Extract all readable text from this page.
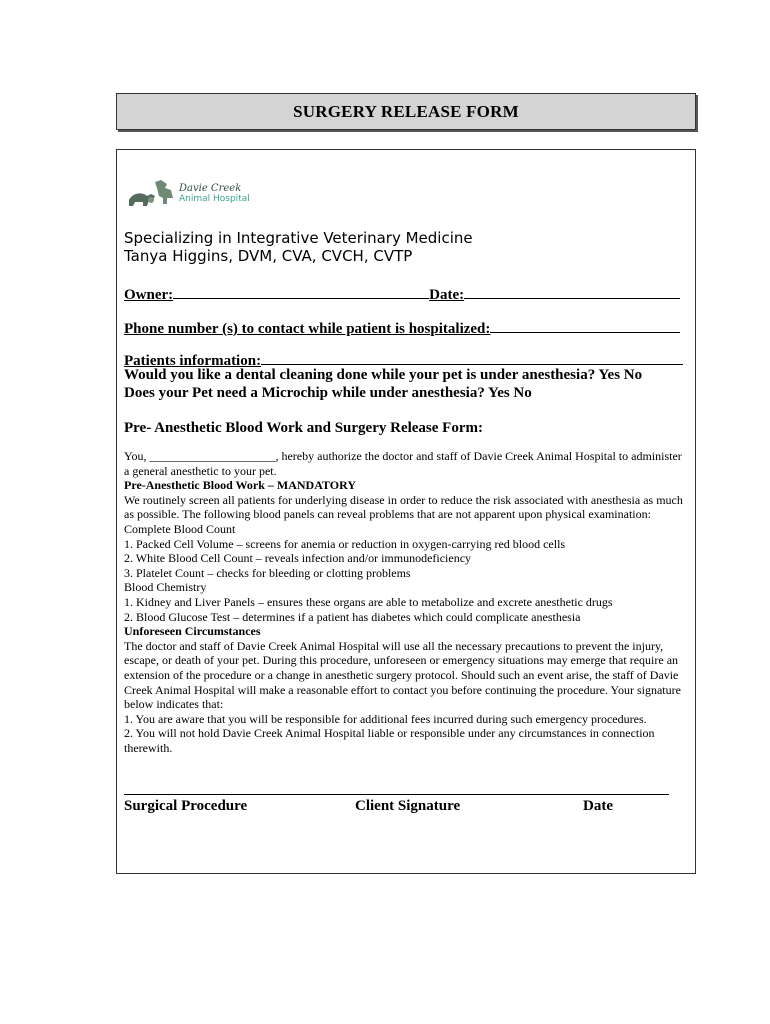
SURGERY RELEASE FORM
Davie Creek
Animal Hospital
Specializing in Integrative Veterinary Medicine
Tanya Higgins, DVM, CVA, CVCH, CVTP
Owner:	Date:
Phone number (s) to contact while patient is hospitalized:
Patients information:
Would you like a dental cleaning done while your pet is under anesthesia? Yes No
Does your Pet need a Microchip while under anesthesia? Yes No
Pre- Anesthetic Blood Work and Surgery Release Form:

You, _____________________, hereby authorize the doctor and staff of Davie Creek Animal Hospital to administer a general anesthetic to your pet.

Pre-Anesthetic Blood Work – MANDATORY

We routinely screen all patients for underlying disease in order to reduce the risk associated with anesthesia as much as possible. The following blood panels can reveal problems that are not apparent upon physical examination:

Complete Blood Count

1. Packed Cell Volume – screens for anemia or reduction in oxygen-carrying red blood cells

2. White Blood Cell Count – reveals infection and/or immunodeficiency

3. Platelet Count – checks for bleeding or clotting problems

Blood Chemistry

1. Kidney and Liver Panels – ensures these organs are able to metabolize and excrete anesthetic drugs

2. Blood Glucose Test – determines if a patient has diabetes which could complicate anesthesia

Unforeseen Circumstances

The doctor and staff of Davie Creek Animal Hospital will use all the necessary precautions to prevent the injury, escape, or death of your pet. During this procedure, unforeseen or emergency situations may emerge that require an extension of the procedure or a change in anesthetic surgery protocol. Should such an event arise, the staff of Davie Creek Animal Hospital will make a reasonable effort to contact you before continuing the procedure. Your signature below indicates that:

1. You are aware that you will be responsible for additional fees incurred during such emergency procedures.

2. You will not hold Davie Creek Animal Hospital liable or responsible under any circumstances in connection therewith.

Surgical Procedure	Client Signature	Date
